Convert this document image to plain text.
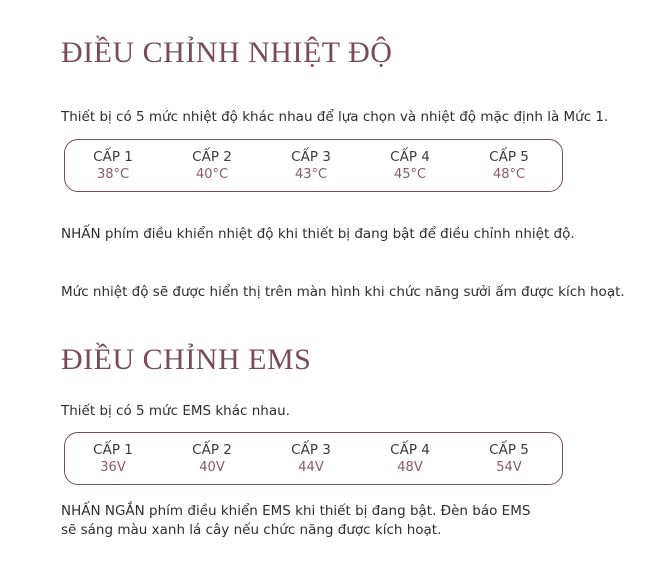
ĐIỀU CHỈNH NHIỆT ĐỘ

Thiết bị có 5 mức nhiệt độ khác nhau để lựa chọn và nhiệt độ mặc định là Mức 1.

CẤP 1
38°C
CẤP 2
40°C
CẤP 3
43°C
CẤP 4
45°C
CẤP 5
48°C

NHẤN phím điều khiển nhiệt độ khi thiết bị đang bật để điều chỉnh nhiệt độ.

Mức nhiệt độ sẽ được hiển thị trên màn hình khi chức năng sưởi ấm được kích hoạt.

ĐIỀU CHỈNH EMS

Thiết bị có 5 mức EMS khác nhau.

CẤP 1
36V
CẤP 2
40V
CẤP 3
44V
CẤP 4
48V
CẤP 5
54V

NHẤN NGẮN phím điều khiển EMS khi thiết bị đang bật. Đèn báo EMS

sẽ sáng màu xanh lá cây nếu chức năng được kích hoạt.
